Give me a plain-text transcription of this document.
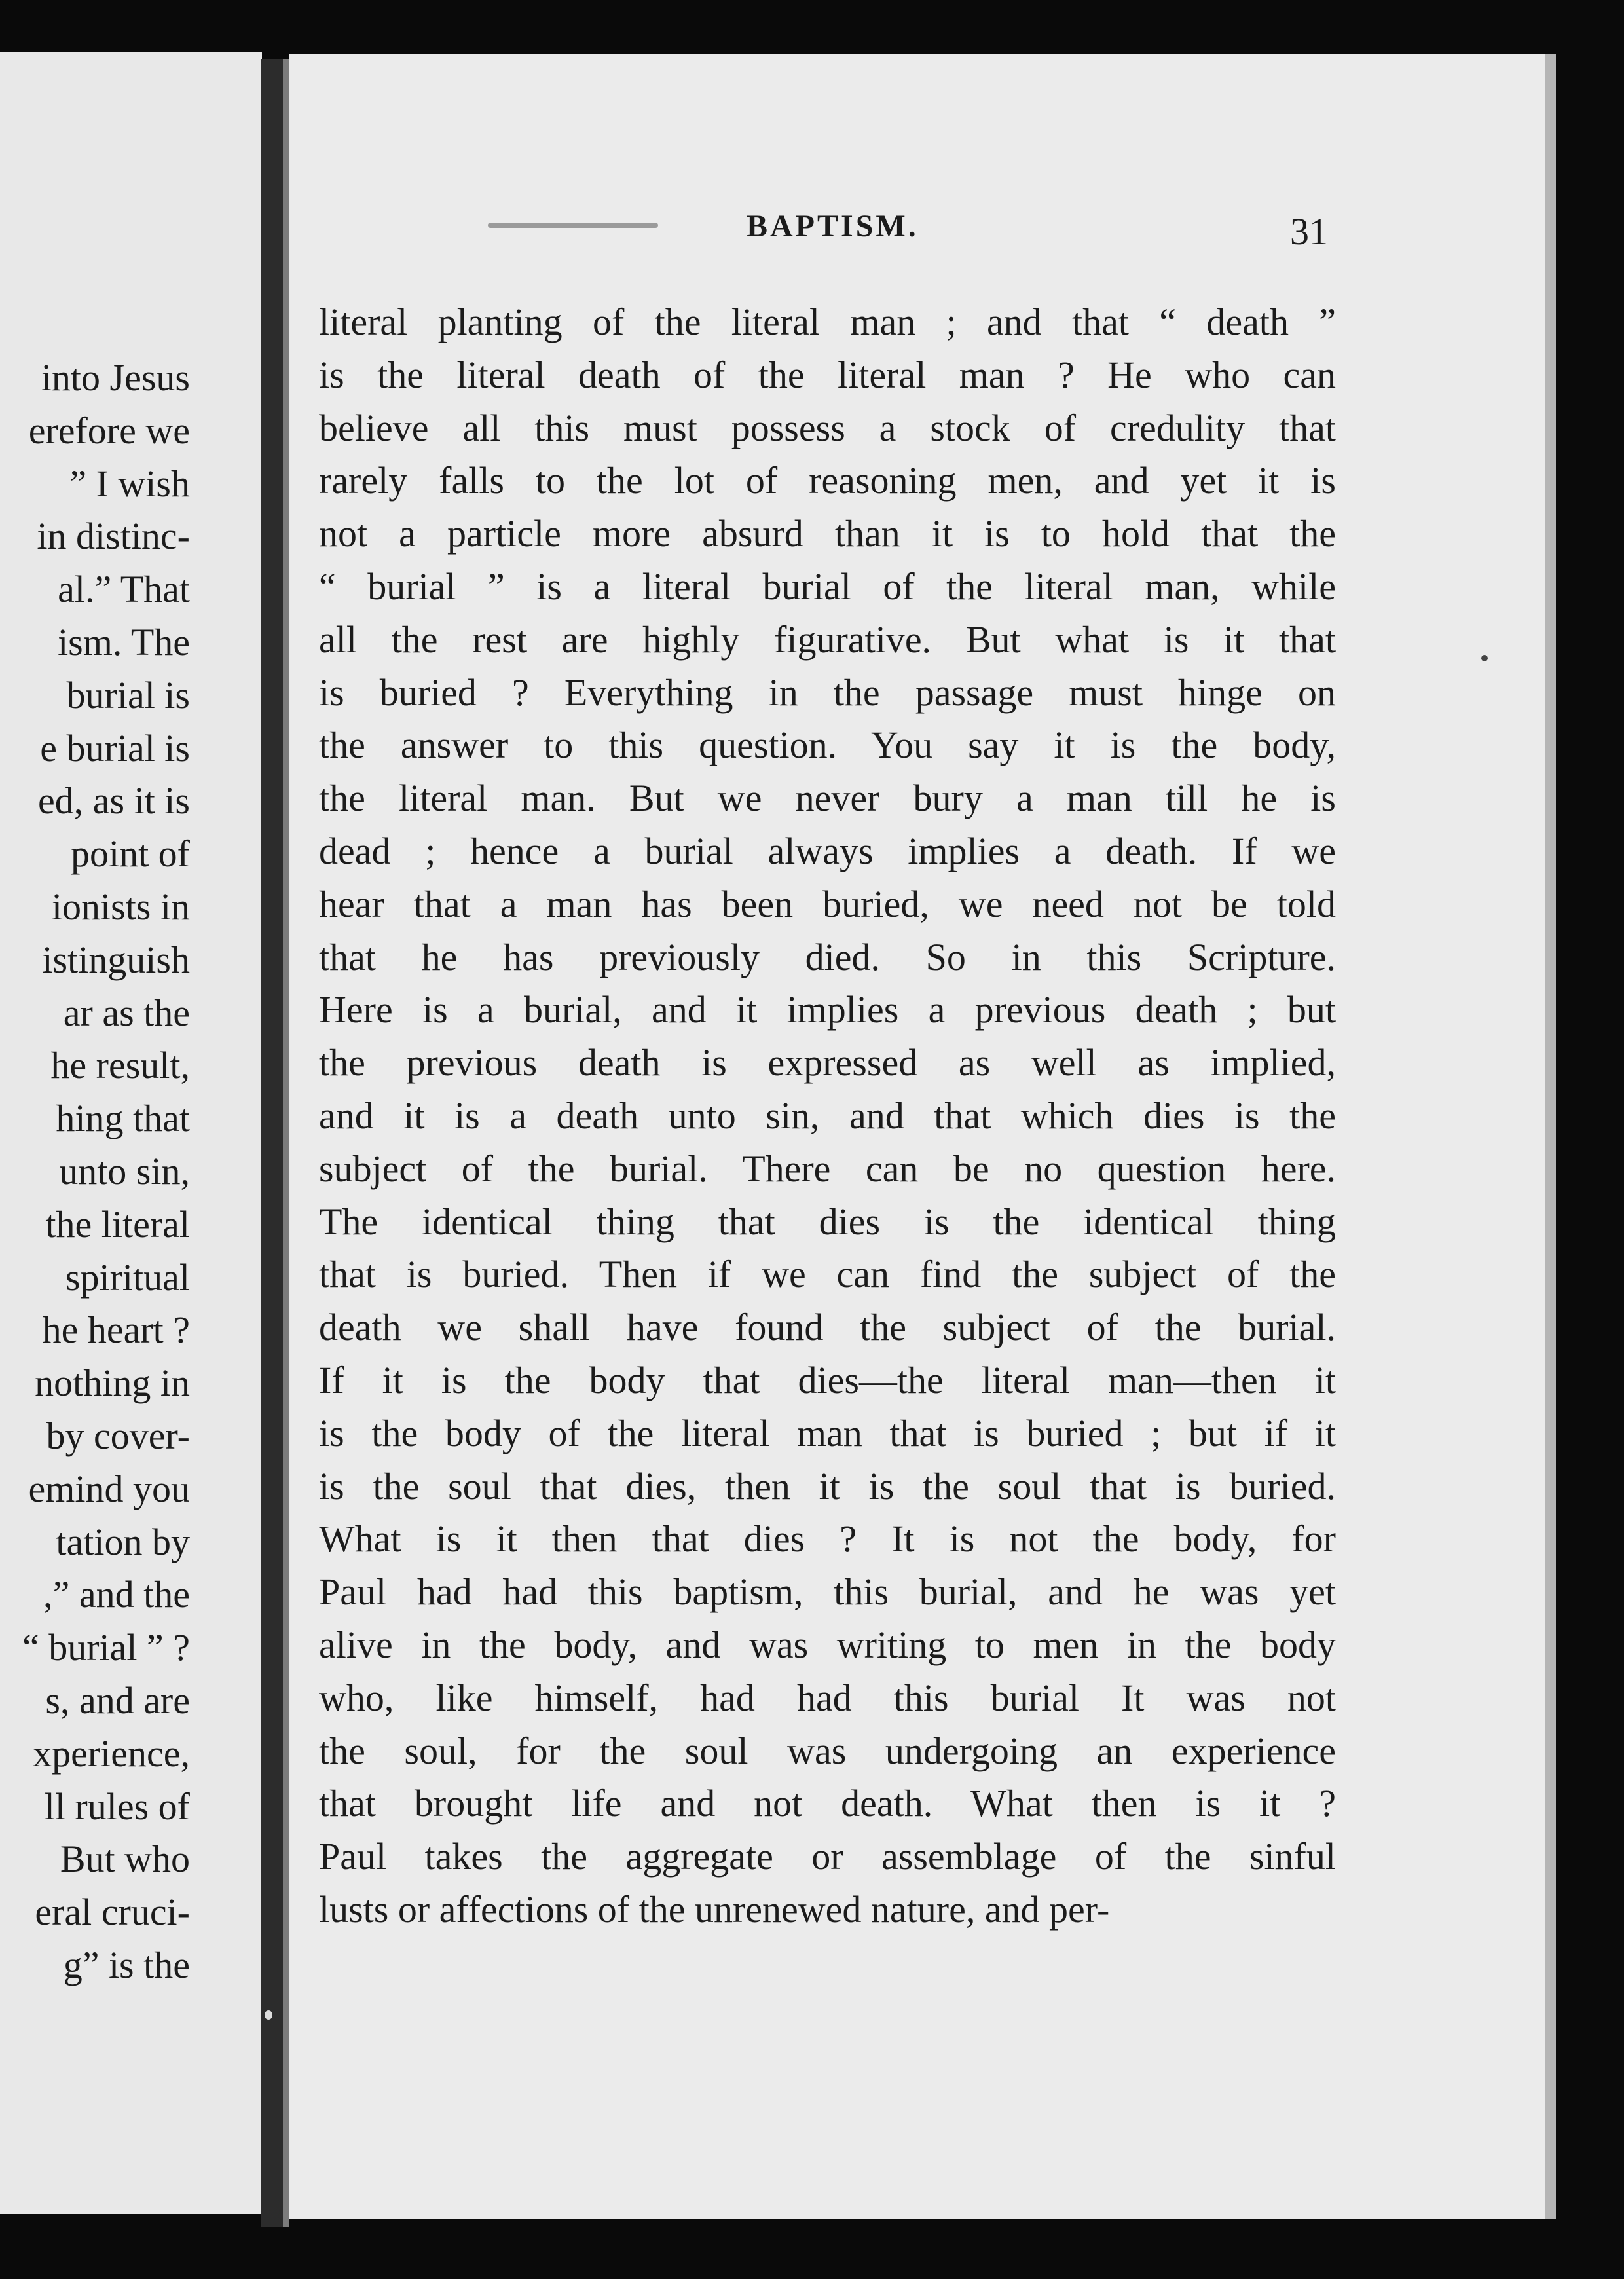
into Jesus
erefore we
” I wish
in distinc-
al.” That
ism. The
burial is
e burial is
ed, as it is
point of
ionists in
istinguish
ar as the
he result,
hing that
unto sin,
the literal
spiritual
he heart ?
nothing in
by cover-
emind you
tation by
,” and the
“ burial ” ?
s, and are
xperience,
ll rules of
But who
eral cruci-
g” is the
BAPTISM.	31
literal planting of the literal man ; and that “ death ”
is the literal death of the literal man ? He who can
believe all this must possess a stock of credulity that
rarely falls to the lot of reasoning men, and yet it is
not a particle more absurd than it is to hold that the
“ burial ” is a literal burial of the literal man, while
all the rest are highly figurative. But what is it that
is buried ? Everything in the passage must hinge on
the answer to this question. You say it is the body,
the literal man. But we never bury a man till he is
dead ; hence a burial always implies a death. If we
hear that a man has been buried, we need not be told
that he has previously died. So in this Scripture.
Here is a burial, and it implies a previous death ; but
the previous death is expressed as well as implied,
and it is a death unto sin, and that which dies is the
subject of the burial. There can be no question here.
The identical thing that dies is the identical thing
that is buried. Then if we can find the subject of the
death we shall have found the subject of the burial.
If it is the body that dies—the literal man—then it
is the body of the literal man that is buried ; but if it
is the soul that dies, then it is the soul that is buried.
What is it then that dies ? It is not the body, for
Paul had had this baptism, this burial, and he was yet
alive in the body, and was writing to men in the body
who, like himself, had had this burial It was not
the soul, for the soul was undergoing an experience
that brought life and not death. What then is it ?
Paul takes the aggregate or assemblage of the sinful
lusts or affections of the unrenewed nature, and per-
